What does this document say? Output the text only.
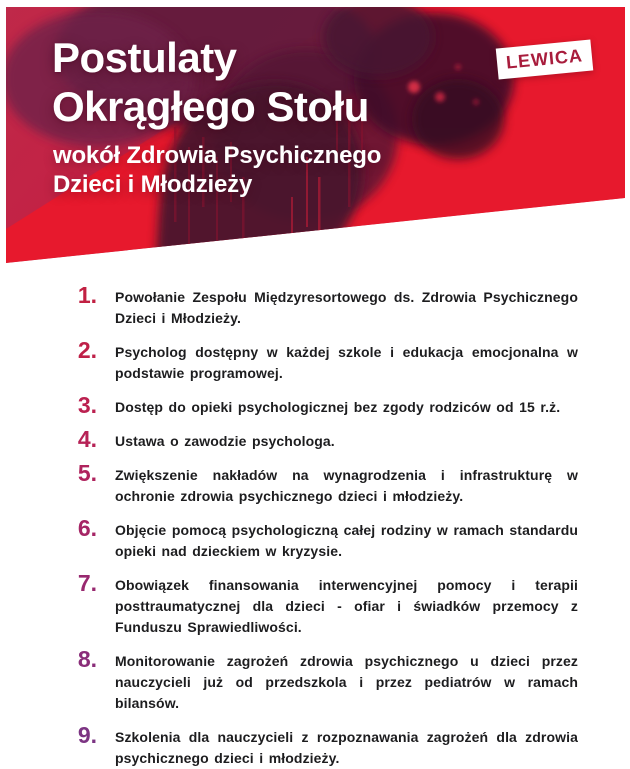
Postulaty
Okrągłego Stołu
wokół Zdrowia Psychicznego
Dzieci i Młodzieży
LEWICA
1. Powołanie Zespołu Międzyresortowego ds. Zdrowia Psychicznego Dzieci i Młodzieży.
2. Psycholog dostępny w każdej szkole i edukacja emocjonalna w podstawie programowej.
3. Dostęp do opieki psychologicznej bez zgody rodziców od 15 r.ż.
4. Ustawa o zawodzie psychologa.
5. Zwiększenie nakładów na wynagrodzenia i infrastrukturę w ochronie zdrowia psychicznego dzieci i młodzieży.
6. Objęcie pomocą psychologiczną całej rodziny w ramach standardu opieki nad dzieckiem w kryzysie.
7. Obowiązek finansowania interwencyjnej pomocy i terapii posttraumatycznej dla dzieci - ofiar i świadków przemocy z Funduszu Sprawiedliwości.
8. Monitorowanie zagrożeń zdrowia psychicznego u dzieci przez nauczycieli już od przedszkola i przez pediatrów w ramach bilansów.
9. Szkolenia dla nauczycieli z rozpoznawania zagrożeń dla zdrowia psychicznego dzieci i młodzieży.
